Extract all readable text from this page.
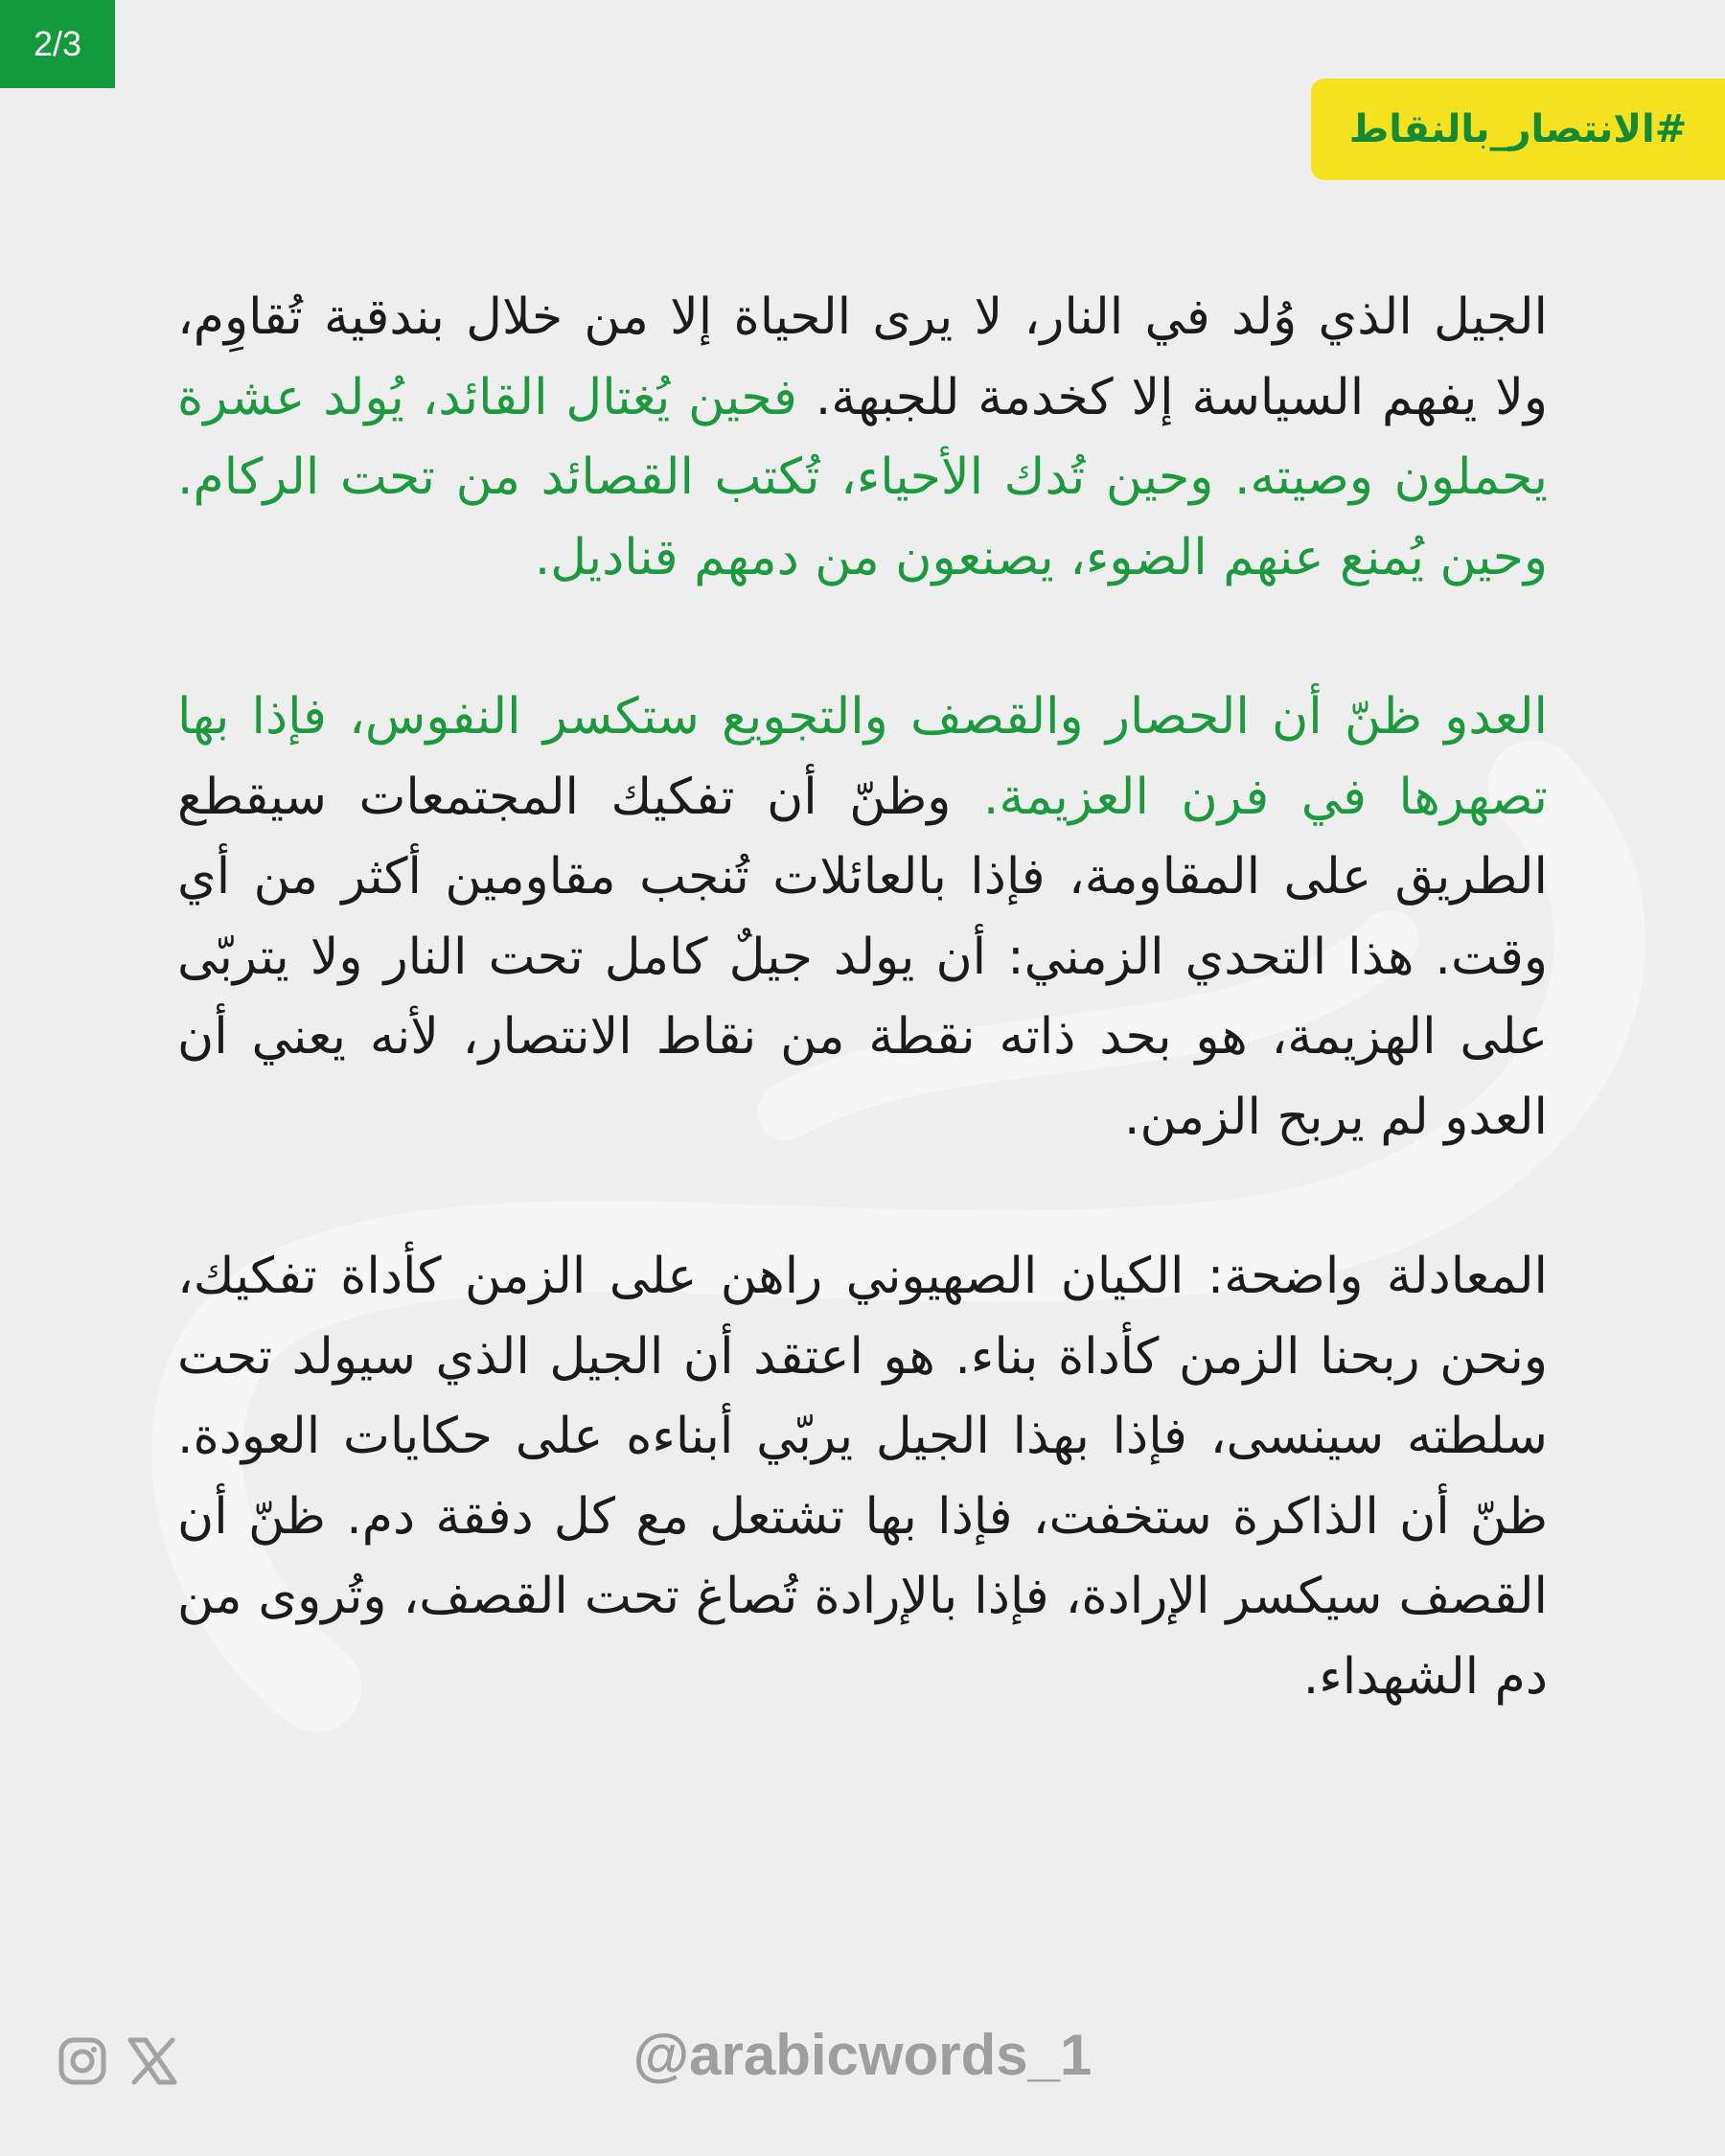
2/3
#الانتصار_بالنقاط

الجيل الذي وُلد في النار، لا يرى الحياة إلا من خلال بندقية تُقاوِم، ولا يفهم السياسة إلا كخدمة للجبهة. فحين يُغتال القائد، يُولد عشرة يحملون وصيته. وحين تُدك الأحياء، تُكتب القصائد من تحت الركام. وحين يُمنع عنهم الضوء، يصنعون من دمهم قناديل.

العدو ظنّ أن الحصار والقصف والتجويع ستكسر النفوس، فإذا بها تصهرها في فرن العزيمة. وظنّ أن تفكيك المجتمعات سيقطع الطريق على المقاومة، فإذا بالعائلات تُنجب مقاومين أكثر من أي وقت. هذا التحدي الزمني: أن يولد جيلٌ كامل تحت النار ولا يتربّى على الهزيمة، هو بحد ذاته نقطة من نقاط الانتصار، لأنه يعني أن العدو لم يربح الزمن.

المعادلة واضحة: الكيان الصهيوني راهن على الزمن كأداة تفكيك، ونحن ربحنا الزمن كأداة بناء. هو اعتقد أن الجيل الذي سيولد تحت سلطته سينسى، فإذا بهذا الجيل يربّي أبناءه على حكايات العودة. ظنّ أن الذاكرة ستخفت، فإذا بها تشتعل مع كل دفقة دم. ظنّ أن القصف سيكسر الإرادة، فإذا بالإرادة تُصاغ تحت القصف، وتُروى من دم الشهداء.

@arabicwords_1
